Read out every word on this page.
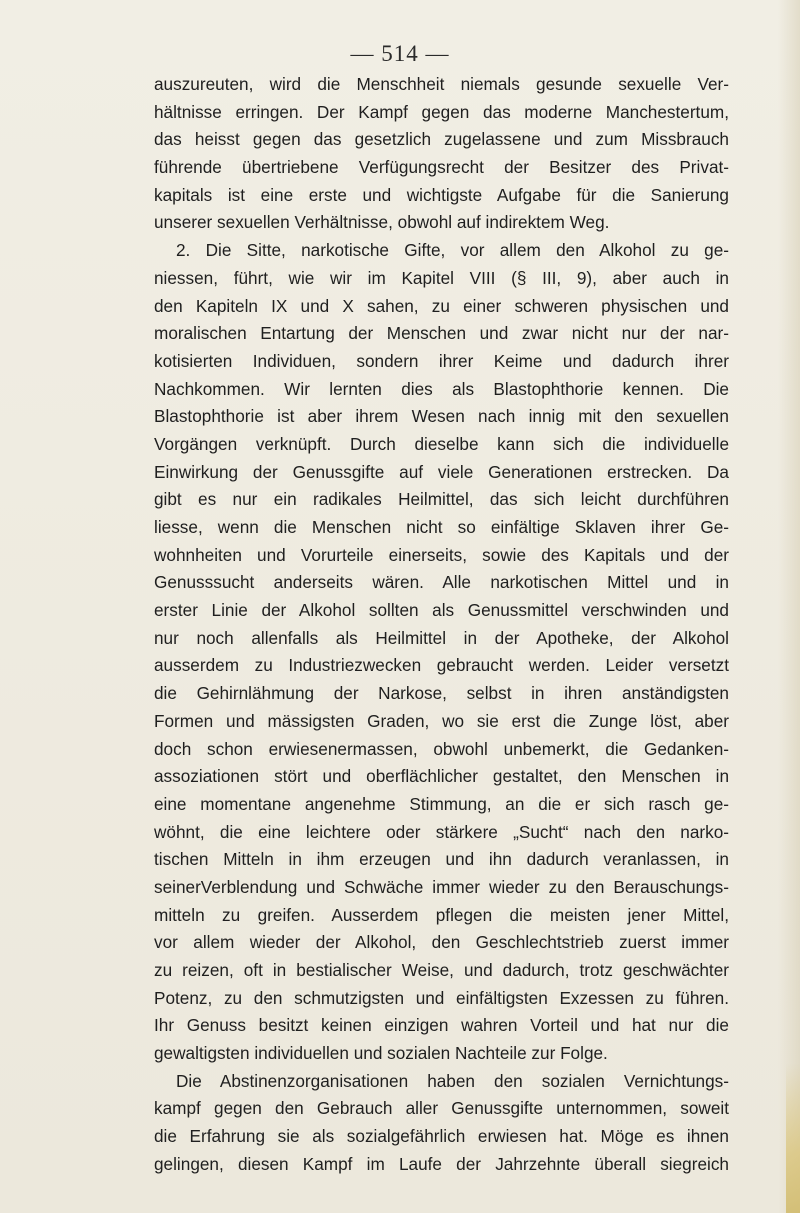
— 514 —
auszureuten, wird die Menschheit niemals gesunde sexuelle Ver-
hältnisse erringen. Der Kampf gegen das moderne Manchestertum,
das heisst gegen das gesetzlich zugelassene und zum Missbrauch
führende übertriebene Verfügungsrecht der Besitzer des Privat-
kapitals ist eine erste und wichtigste Aufgabe für die Sanierung
unserer sexuellen Verhältnisse, obwohl auf indirektem Weg.
2. Die Sitte, narkotische Gifte, vor allem den Alkohol zu ge-
niessen, führt, wie wir im Kapitel VIII (§ III, 9), aber auch in
den Kapiteln IX und X sahen, zu einer schweren physischen und
moralischen Entartung der Menschen und zwar nicht nur der nar-
kotisierten Individuen, sondern ihrer Keime und dadurch ihrer
Nachkommen. Wir lernten dies als Blastophthorie kennen. Die
Blastophthorie ist aber ihrem Wesen nach innig mit den sexuellen
Vorgängen verknüpft. Durch dieselbe kann sich die individuelle
Einwirkung der Genussgifte auf viele Generationen erstrecken. Da
gibt es nur ein radikales Heilmittel, das sich leicht durchführen
liesse, wenn die Menschen nicht so einfältige Sklaven ihrer Ge-
wohnheiten und Vorurteile einerseits, sowie des Kapitals und der
Genusssucht anderseits wären. Alle narkotischen Mittel und in
erster Linie der Alkohol sollten als Genussmittel verschwinden und
nur noch allenfalls als Heilmittel in der Apotheke, der Alkohol
ausserdem zu Industriezwecken gebraucht werden. Leider versetzt
die Gehirnlähmung der Narkose, selbst in ihren anständigsten
Formen und mässigsten Graden, wo sie erst die Zunge löst, aber
doch schon erwiesenermassen, obwohl unbemerkt, die Gedanken-
assoziationen stört und oberflächlicher gestaltet, den Menschen in
eine momentane angenehme Stimmung, an die er sich rasch ge-
wöhnt, die eine leichtere oder stärkere „Sucht“ nach den narko-
tischen Mitteln in ihm erzeugen und ihn dadurch veranlassen, in
seinerVerblendung und Schwäche immer wieder zu den Berauschungs-
mitteln zu greifen. Ausserdem pflegen die meisten jener Mittel,
vor allem wieder der Alkohol, den Geschlechtstrieb zuerst immer
zu reizen, oft in bestialischer Weise, und dadurch, trotz geschwächter
Potenz, zu den schmutzigsten und einfältigsten Exzessen zu führen.
Ihr Genuss besitzt keinen einzigen wahren Vorteil und hat nur die
gewaltigsten individuellen und sozialen Nachteile zur Folge.
Die Abstinenzorganisationen haben den sozialen Vernichtungs-
kampf gegen den Gebrauch aller Genussgifte unternommen, soweit
die Erfahrung sie als sozialgefährlich erwiesen hat. Möge es ihnen
gelingen, diesen Kampf im Laufe der Jahrzehnte überall siegreich
